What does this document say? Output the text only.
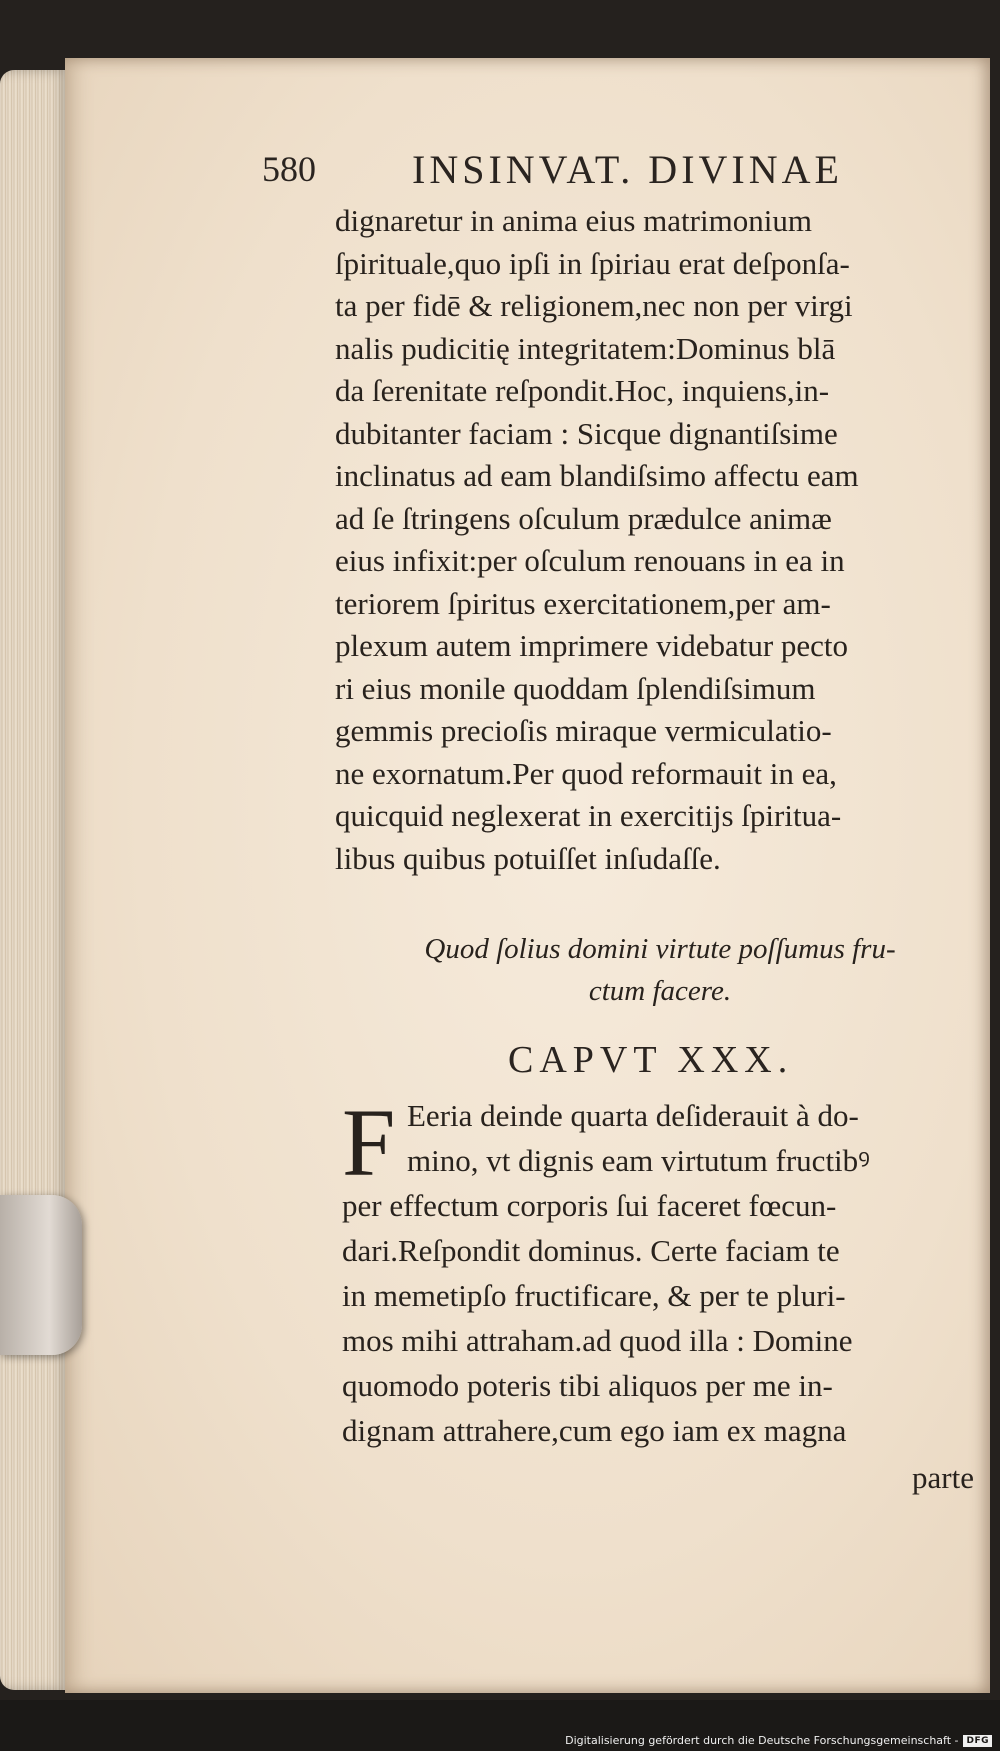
580 INSINVAT. DIVINAE
dignaretur in anima eius matrimonium
ſpirituale,quo ipſi in ſpiriau erat deſponſa-
ta per fidē & religionem,nec non per virgi
nalis pudicitię integritatem:Dominus blā
da ſerenitate reſpondit.Hoc, inquiens,in-
dubitanter faciam : Sicque dignantiſsime
inclinatus ad eam blandiſsimo affectu eam
ad ſe ſtringens oſculum prædulce animæ
eius infixit:per oſculum renouans in ea in
teriorem ſpiritus exercitationem,per am-
plexum autem imprimere videbatur pecto
ri eius monile quoddam ſplendiſsimum
gemmis precioſis miraque vermiculatio-
ne exornatum.Per quod reformauit in ea,
quicquid neglexerat in exercitijs ſpiritua-
libus quibus potuiſſet inſudaſſe.
Quod ſolius domini virtute poſſumus fru-
ctum facere.
CAPVT XXX.
F Eeria deinde quarta deſiderauit à do-
mino, vt dignis eam virtutum fructibꝰ
per effectum corporis ſui faceret fœcun-
dari.Reſpondit dominus. Certe faciam te
in memetipſo fructificare, & per te pluri-
mos mihi attraham.ad quod illa : Domine
quomodo poteris tibi aliquos per me in-
dignam attrahere,cum ego iam ex magna
parte
Digitalisierung gefördert durch die Deutsche Forschungsgemeinschaft - DFG
